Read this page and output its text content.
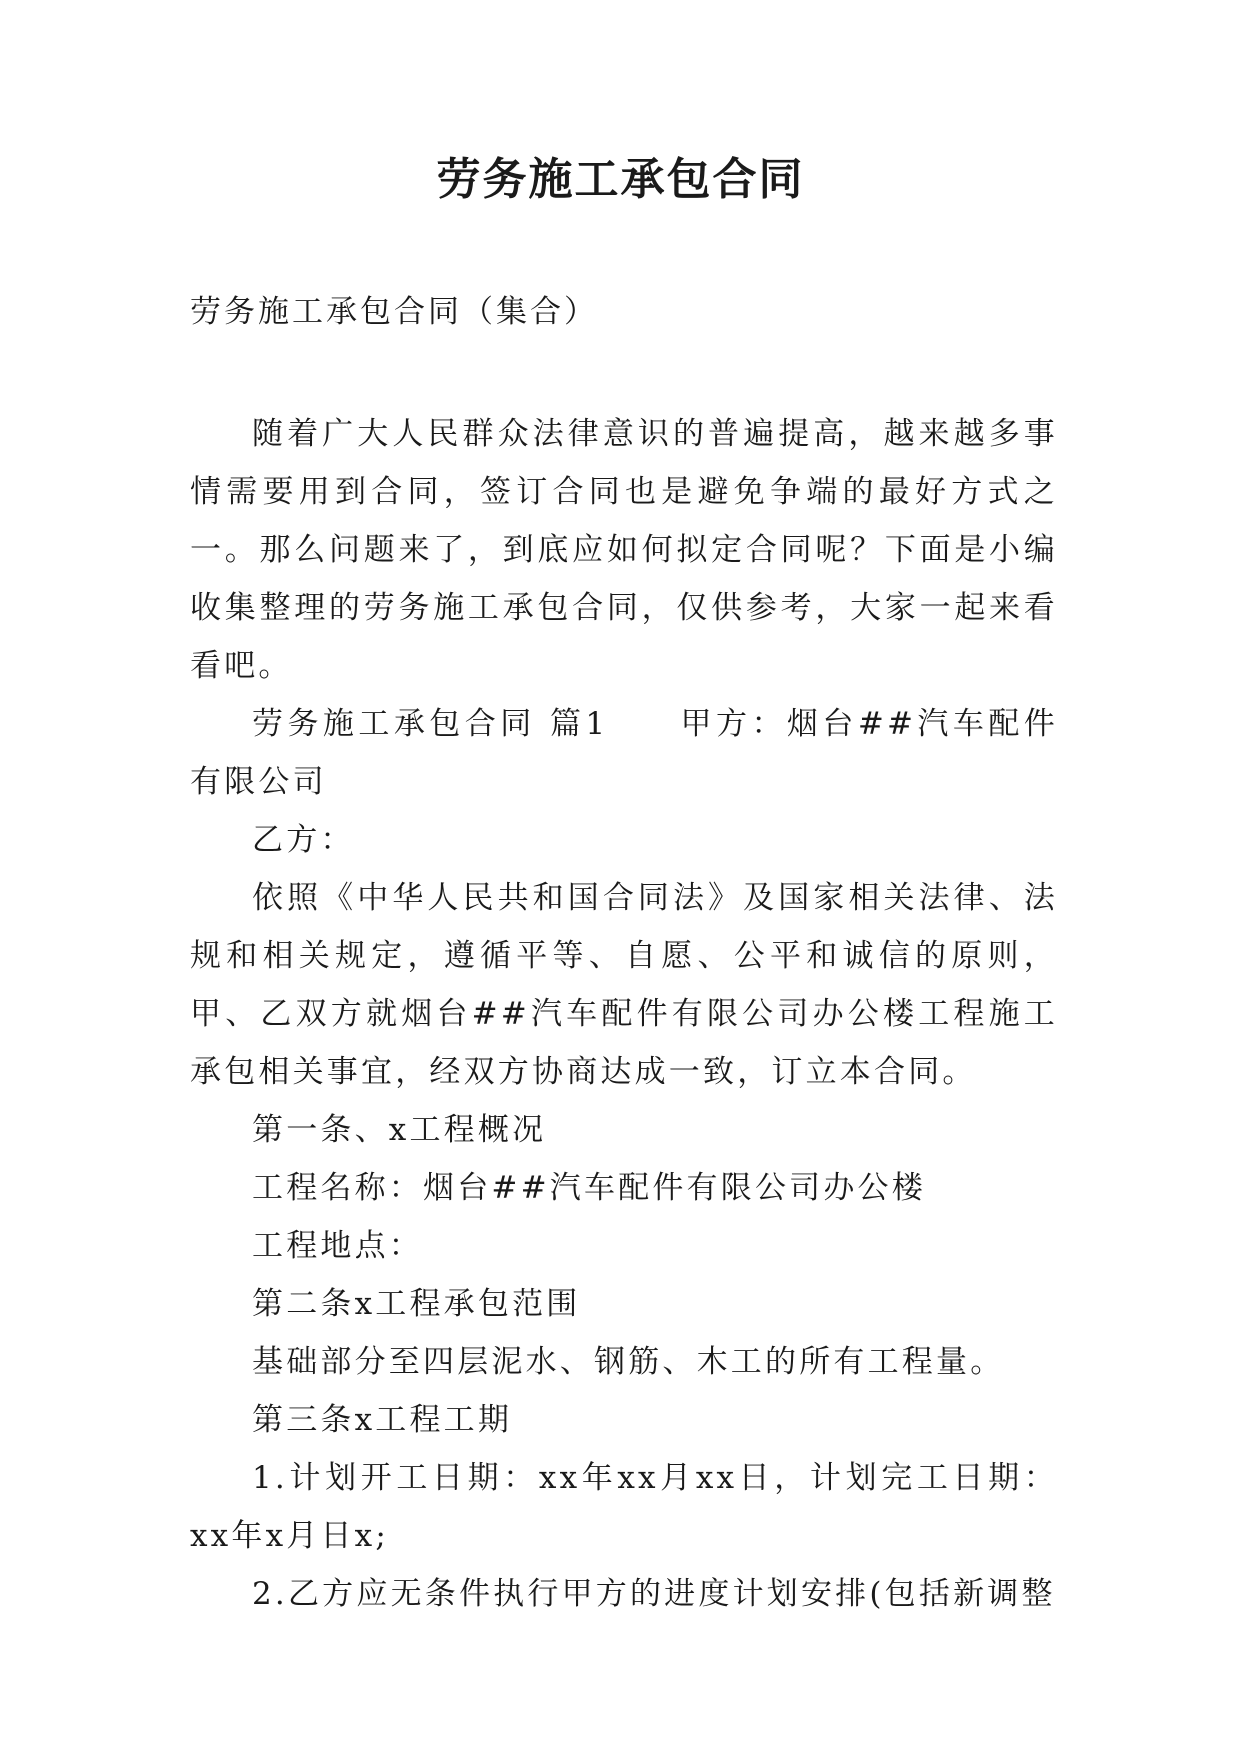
劳务施工承包合同

劳务施工承包合同（集合）

随着广大人民群众法律意识的普遍提高，越来越多事情需要用到合同，签订合同也是避免争端的最好方式之一。那么问题来了，到底应如何拟定合同呢？下面是小编收集整理的劳务施工承包合同，仅供参考，大家一起来看看吧。

劳务施工承包合同 篇1　　甲方：烟台##汽车配件有限公司

乙方：

依照《中华人民共和国合同法》及国家相关法律、法规和相关规定，遵循平等、自愿、公平和诚信的原则，甲、乙双方就烟台##汽车配件有限公司办公楼工程施工承包相关事宜，经双方协商达成一致，订立本合同。

第一条、x工程概况

工程名称：烟台##汽车配件有限公司办公楼

工程地点：

第二条x工程承包范围

基础部分至四层泥水、钢筋、木工的所有工程量。

第三条x工程工期

1.计划开工日期：xx年xx月xx日，计划完工日期：xx年x月日x;

2.乙方应无条件执行甲方的进度计划安排(包括新调整
